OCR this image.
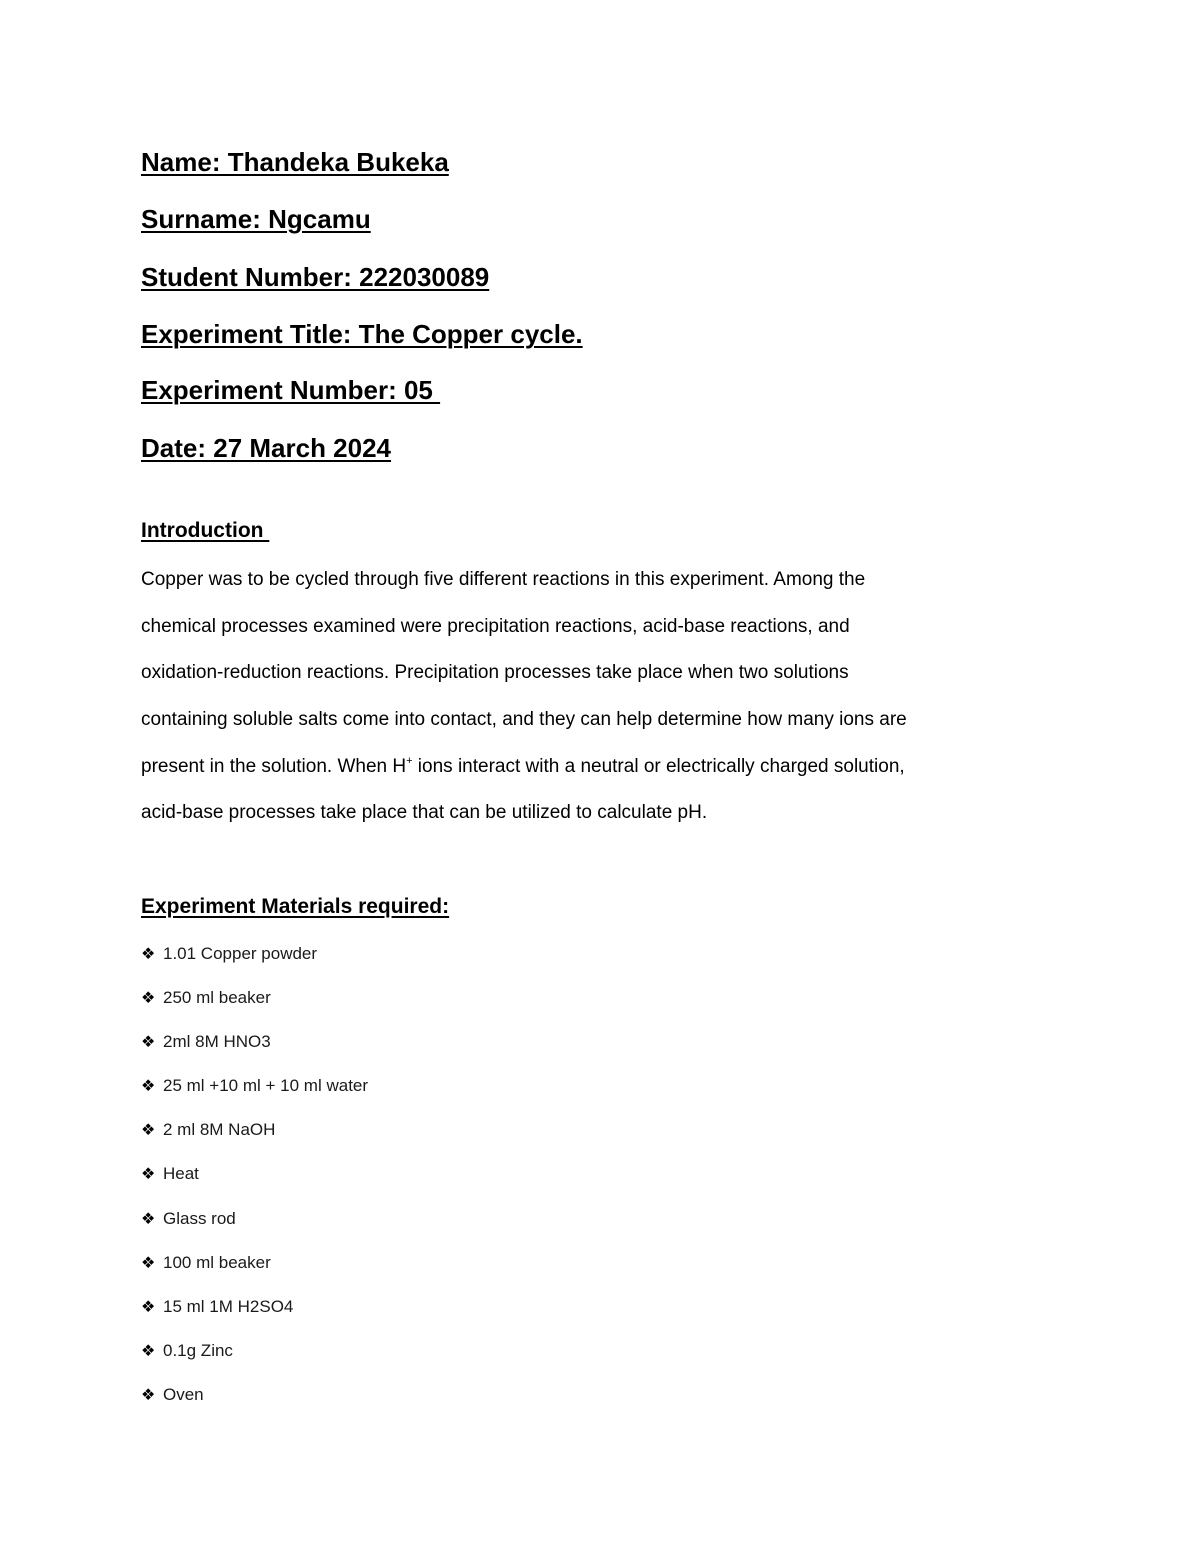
Name: Thandeka Bukeka
Surname: Ngcamu
Student Number: 222030089
Experiment Title: The Copper cycle.
Experiment Number: 05
Date: 27 March 2024
Introduction
Copper was to be cycled through five different reactions in this experiment. Among the
chemical processes examined were precipitation reactions, acid-base reactions, and
oxidation-reduction reactions. Precipitation processes take place when two solutions
containing soluble salts come into contact, and they can help determine how many ions are
present in the solution. When H+ ions interact with a neutral or electrically charged solution,
acid-base processes take place that can be utilized to calculate pH.
Experiment Materials required:
❖ 1.01 Copper powder
❖ 250 ml beaker
❖ 2ml 8M HNO3
❖ 25 ml +10 ml + 10 ml water
❖ 2 ml 8M NaOH
❖ Heat
❖ Glass rod
❖ 100 ml beaker
❖ 15 ml 1M H2SO4
❖ 0.1g Zinc
❖ Oven
